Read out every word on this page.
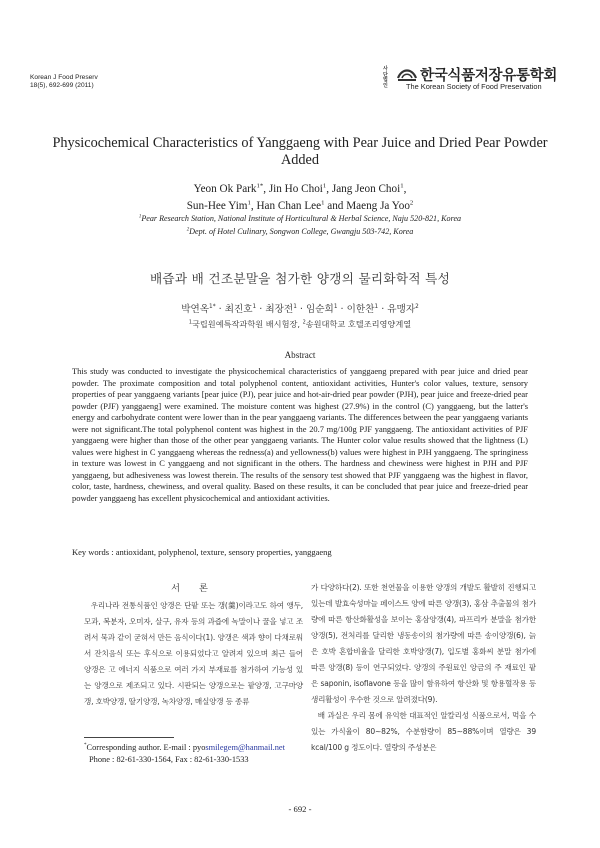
Korean J Food Preserv
18(5), 692-699 (2011)
사단법인
한국식품저장유통학회
The Korean Society of Food Preservation
Physicochemical Characteristics of Yanggaeng with Pear Juice and Dried Pear Powder Added
Yeon Ok Park$^{1*}$, Jin Ho Choi$^1$, Jang Jeon Choi$^1$,
Sun-Hee Yim$^1$, Han Chan Lee$^1$ and Maeng Ja Yoo$^2$
$^1$Pear Research Station, National Institute of Horticultural & Herbal Science, Naju 520-821, Korea
$^2$Dept. of Hotel Culinary, Songwon College, Gwangju 503-742, Korea
배즙과 배 건조분말을 첨가한 양갱의 물리화학적 특성
박연옥$^{1*}$ · 최진호$^1$ · 최장전$^1$ · 임순희$^1$ · 이한찬$^1$ · 유맹자$^2$
$^1$국립원예특작과학원 배시험장, $^2$송원대학교 호텔조리영양계열
Abstract
This study was conducted to investigate the physicochemical characteristics of yanggaeng prepared with pear juice and dried pear powder. The proximate composition and total polyphenol content, antioxidant activities, Hunter's color values, texture, sensory properties of pear yanggaeng variants [pear juice (PJ), pear juice and hot-air-dried pear powder (PJH), pear juice and freeze-dried pear powder (PJF) yanggaeng] were examined. The moisture content was highest (27.9%) in the control (C) yanggaeng, but the latter's energy and carbohydrate content were lower than in the pear yanggaeng variants. The differences between the pear yanggaeng variants were not significant.The total polyphenol content was highest in the 20.7 mg/100g PJF yanggaeng. The antioxidant activities of PJF yanggaeng were higher than those of the other pear yanggaeng variants. The Hunter color value results showed that the lightness (L) values were highest in C yanggaeng whereas the redness(a) and yellowness(b) values were highest in PJH yanggaeng. The springiness in texture was lowest in C yanggaeng and not significant in the others. The hardness and chewiness were highest in PJH and PJF yanggaeng, but adhesiveness was lowest therein. The results of the sensory test showed that PJF yanggaeng was the highest in flavor, color, taste, hardness, chewiness, and overal quality. Based on these results, it can be concluded that pear juice and freeze-dried pear powder yanggaeng has excellent physicochemical and antioxidant activities.
Key words : antioxidant, polyphenol, texture, sensory properties, yanggaeng
서 론
우리나라 전통식품인 양갱은 단팥 또는 갱(羹)이라고도 하여 앵두, 모과, 복분자, 오미자, 살구, 유자 등의 과즙에 녹말이나 꿀을 넣고 조려서 묵과 같이 굳혀서 만든 음식이다(1). 양갱은 색과 향이 다채로워서 잔치음식 또는 후식으로 이용되었다고 알려져 있으며 최근 들어 양갱은 고 에너지 식품으로 여러 가지 부재료를 첨가하여 기능성 있는 양갱으로 제조되고 있다. 시판되는 양갱으로는 팥양갱, 고구마양갱, 호박양갱, 딸기양갱, 녹차양갱, 매실양갱 등 종류
가 다양하다(2). 또한 천연물을 이용한 양갱의 개발도 활발히 진행되고 있는데 발효숙성마늘 페이스트 양에 따른 양갱(3), 홍삼 추출물의 첨가량에 따른 항산화활성을 보이는 홍삼양갱(4), 파프리카 분말을 첨가한 양갱(5), 전처리를 달리한 냉동송이의 첨가량에 따른 송이양갱(6), 늙은 호박 혼합비율을 달리한 호박양갱(7), 입도별 홍화씨 분말 첨가에 따른 양갱(8) 등이 연구되었다. 양갱의 주원료인 앙금의 주 재료인 팥은 saponin, isoflavone 등을 많이 함유하여 항산화 및 항용혈작용 등 생리활성이 우수한 것으로 알려졌다(9).
배 과실은 우리 몸에 유익한 대표적인 알칼리성 식품으로서, 먹을 수 있는 가식율이 80∼82%, 수분함량이 85∼88%이며 열량은 39 kcal/100 g 정도이다. 열량의 주성분은
*Corresponding author. E-mail : pyosmilegem@hanmail.net
Phone : 82-61-330-1564, Fax : 82-61-330-1533
- 692 -
